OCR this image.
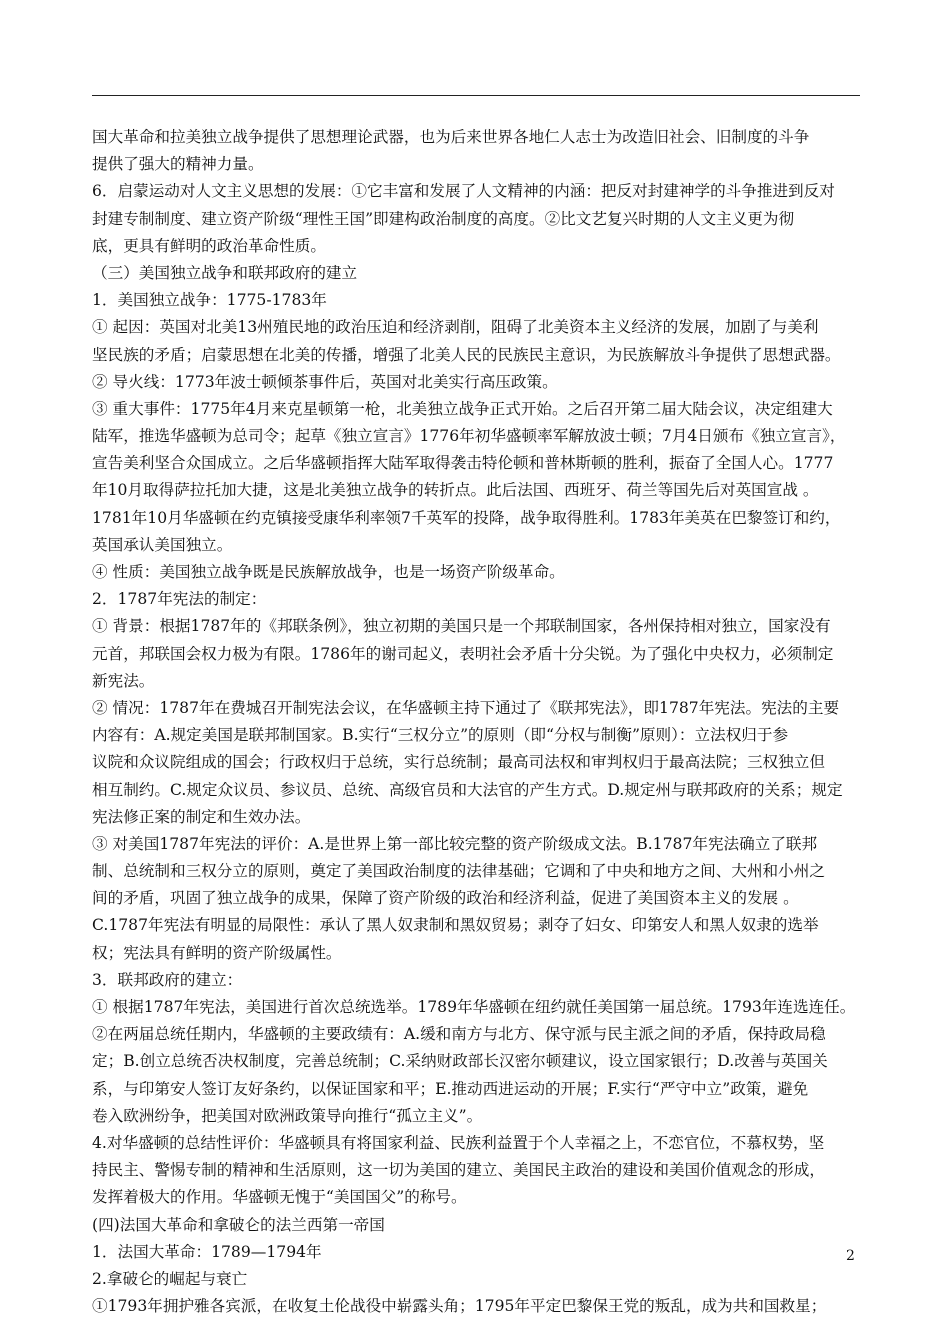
国大革命和拉美独立战争提供了思想理论武器，也为后来世界各地仁人志士为改造旧社会、旧制度的斗争
提供了强大的精神力量。
6．启蒙运动对人文主义思想的发展：①它丰富和发展了人文精神的内涵：把反对封建神学的斗争推进到反对
封建专制制度、建立资产阶级“理性王国”即建构政治制度的高度。②比文艺复兴时期的人文主义更为彻
底，更具有鲜明的政治革命性质。
（三）美国独立战争和联邦政府的建立
1．美国独立战争：1775-1783年
① 起因：英国对北美13州殖民地的政治压迫和经济剥削，阻碍了北美资本主义经济的发展，加剧了与美利
坚民族的矛盾；启蒙思想在北美的传播，增强了北美人民的民族民主意识，为民族解放斗争提供了思想武器。
② 导火线：1773年波士顿倾茶事件后，英国对北美实行高压政策。
③ 重大事件：1775年4月来克星顿第一枪，北美独立战争正式开始。之后召开第二届大陆会议，决定组建大
陆军，推选华盛顿为总司令；起草《独立宣言》1776年初华盛顿率军解放波士顿；7月4日颁布《独立宣言》，
宣告美利坚合众国成立。之后华盛顿指挥大陆军取得袭击特伦顿和普林斯顿的胜利，振奋了全国人心。1777
年10月取得萨拉托加大捷，这是北美独立战争的转折点。此后法国、西班牙、荷兰等国先后对英国宣战 。
1781年10月华盛顿在约克镇接受康华利率领7千英军的投降，战争取得胜利。1783年美英在巴黎签订和约，
英国承认美国独立。
④ 性质：美国独立战争既是民族解放战争，也是一场资产阶级革命。
2．1787年宪法的制定：
① 背景：根据1787年的《邦联条例》，独立初期的美国只是一个邦联制国家，各州保持相对独立，国家没有
元首，邦联国会权力极为有限。1786年的谢司起义，表明社会矛盾十分尖锐。为了强化中央权力，必须制定
新宪法。
② 情况：1787年在费城召开制宪法会议，在华盛顿主持下通过了《联邦宪法》，即1787年宪法。宪法的主要
内容有：A.规定美国是联邦制国家。B.实行“三权分立”的原则（即“分权与制衡”原则）：立法权归于参
议院和众议院组成的国会；行政权归于总统，实行总统制；最高司法权和审判权归于最高法院；三权独立但
相互制约。C.规定众议员、参议员、总统、高级官员和大法官的产生方式。D.规定州与联邦政府的关系；规定
宪法修正案的制定和生效办法。
③ 对美国1787年宪法的评价：A.是世界上第一部比较完整的资产阶级成文法。B.1787年宪法确立了联邦
制、总统制和三权分立的原则，奠定了美国政治制度的法律基础；它调和了中央和地方之间、大州和小州之
间的矛盾，巩固了独立战争的成果，保障了资产阶级的政治和经济利益，促进了美国资本主义的发展 。
C.1787年宪法有明显的局限性：承认了黑人奴隶制和黑奴贸易；剥夺了妇女、印第安人和黑人奴隶的选举
权；宪法具有鲜明的资产阶级属性。
3．联邦政府的建立：
① 根据1787年宪法，美国进行首次总统选举。1789年华盛顿在纽约就任美国第一届总统。1793年连选连任。
②在两届总统任期内，华盛顿的主要政绩有：A.缓和南方与北方、保守派与民主派之间的矛盾，保持政局稳
定；B.创立总统否决权制度，完善总统制；C.采纳财政部长汉密尔顿建议，设立国家银行；D.改善与英国关
系，与印第安人签订友好条约，以保证国家和平；E.推动西进运动的开展；F.实行“严守中立”政策，避免
卷入欧洲纷争，把美国对欧洲政策导向推行“孤立主义”。
4.对华盛顿的总结性评价：华盛顿具有将国家利益、民族利益置于个人幸福之上，不恋官位，不慕权势，坚
持民主、警惕专制的精神和生活原则，这一切为美国的建立、美国民主政治的建设和美国价值观念的形成，
发挥着极大的作用。华盛顿无愧于“美国国父”的称号。
(四)法国大革命和拿破仑的法兰西第一帝国
1．法国大革命：1789—1794年
2.拿破仑的崛起与衰亡
①1793年拥护雅各宾派，在收复土伦战役中崭露头角；1795年平定巴黎保王党的叛乱，成为共和国救星；
2
